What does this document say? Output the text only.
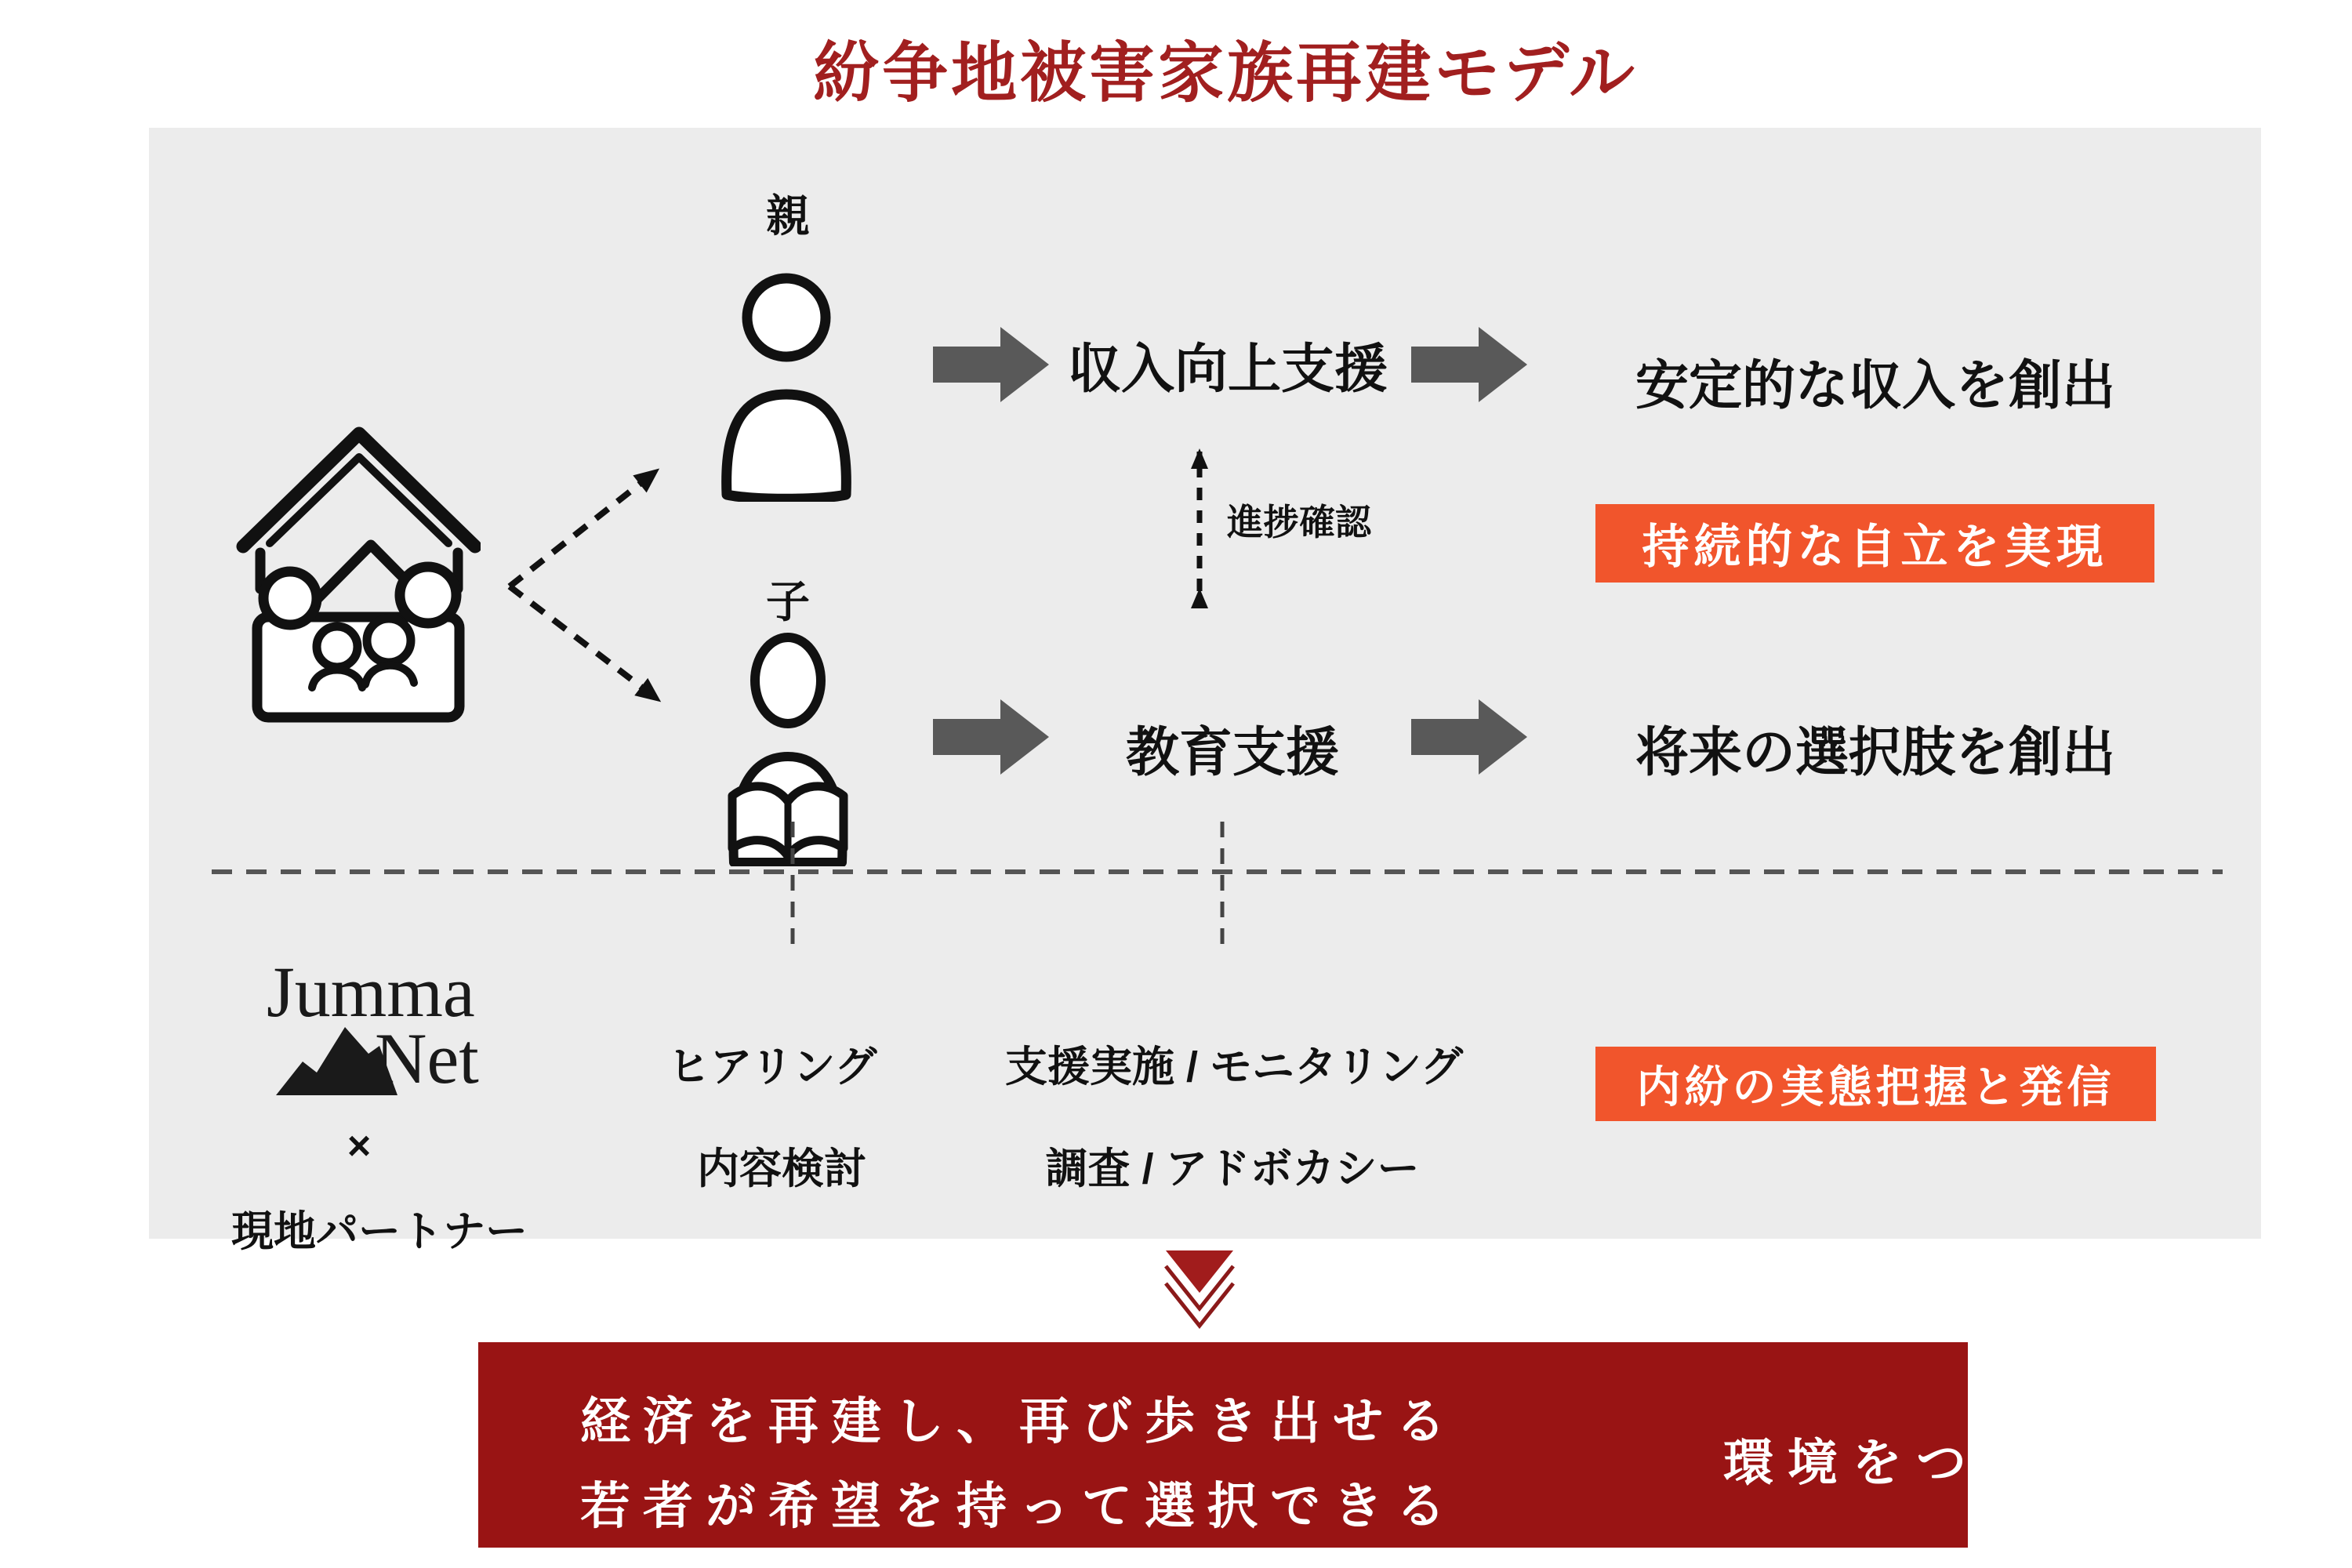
紛争地被害家族再建モデル
親
収入向上支援	安定的な収入を創出
進捗確認	持続的な自立を実現
子
教育支援	将来の選択肢を創出
Jumma
Net
×
現地パートナー
ヒアリング
内容検討
支援実施 / モニタリング
調査 / アドボカシー
内紛の実態把握と発信
経済を再建し、再び歩き出せる
若者が希望を持って選択できる
環境をつくる
